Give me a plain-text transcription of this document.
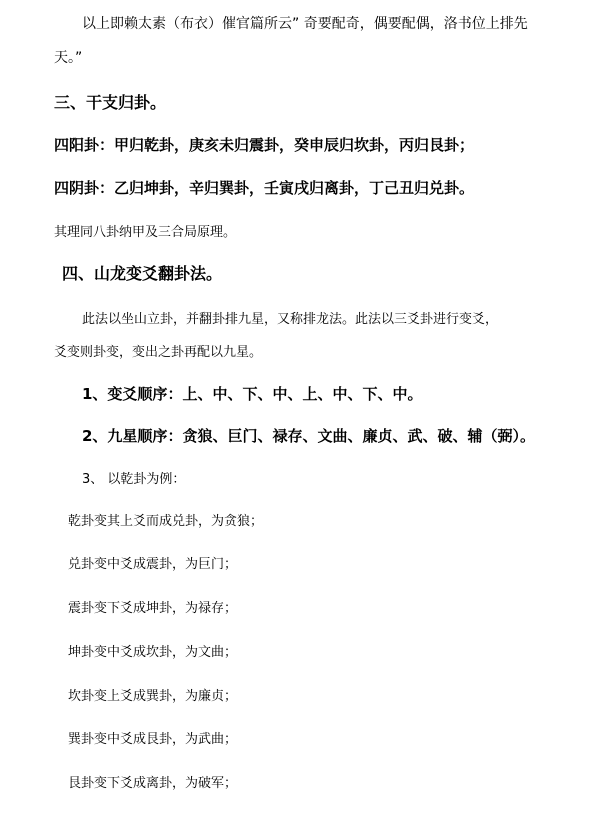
以上即赖太素（布衣）催官篇所云” 奇要配奇，偶要配偶，洛书位上排先
天。”
三、干支归卦。
四阳卦：甲归乾卦，庚亥未归震卦，癸申辰归坎卦，丙归艮卦；
四阴卦：乙归坤卦，辛归巽卦，壬寅戌归离卦，丁己丑归兑卦。
其理同八卦纳甲及三合局原理。
四、山龙变爻翻卦法。
此法以坐山立卦，并翻卦排九星，又称排龙法。此法以三爻卦进行变爻，
爻变则卦变，变出之卦再配以九星。
1、变爻顺序：上、中、下、中、上、中、下、中。
2、九星顺序：贪狼、巨门、禄存、文曲、廉贞、武、破、辅（弼）。
3、 以乾卦为例：
乾卦变其上爻而成兑卦，为贪狼；
兑卦变中爻成震卦，为巨门；
震卦变下爻成坤卦，为禄存；
坤卦变中爻成坎卦，为文曲；
坎卦变上爻成巽卦，为廉贞；
巽卦变中爻成艮卦，为武曲；
艮卦变下爻成离卦，为破军；
